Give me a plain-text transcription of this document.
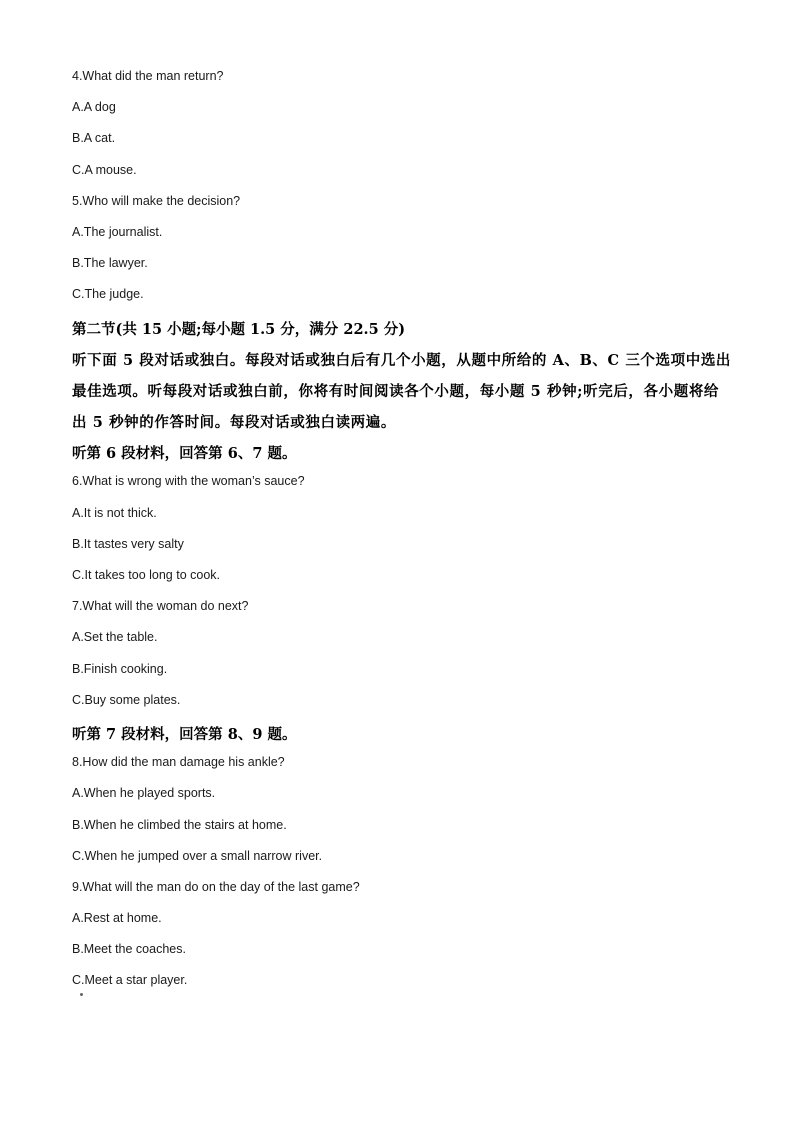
4.What did the man return?
A.A dog
B.A cat.
C.A mouse.
5.Who will make the decision?
A.The journalist.
B.The lawyer.
C.The judge.
第二节(共 15 小题;每小题 1.5 分，满分 22.5 分)
听下面 5 段对话或独白。每段对话或独白后有几个小题，从题中所给的 A、B、C 三个选项中选出最佳选项。听每段对话或独白前，你将有时间阅读各个小题，每小题 5 秒钟;听完后，各小题将给出 5 秒钟的作答时间。每段对话或独白读两遍。
听第 6 段材料，回答第 6、7 题。
6.What is wrong with the woman’s sauce?
A.It is not thick.
B.It tastes very salty
C.It takes too long to cook.
7.What will the woman do next?
A.Set the table.
B.Finish cooking.
C.Buy some plates.
听第 7 段材料，回答第 8、9 题。
8.How did the man damage his ankle?
A.When he played sports.
B.When he climbed the stairs at home.
C.When he jumped over a small narrow river.
9.What will the man do on the day of the last game?
A.Rest at home.
B.Meet the coaches.
C.Meet a star player.
